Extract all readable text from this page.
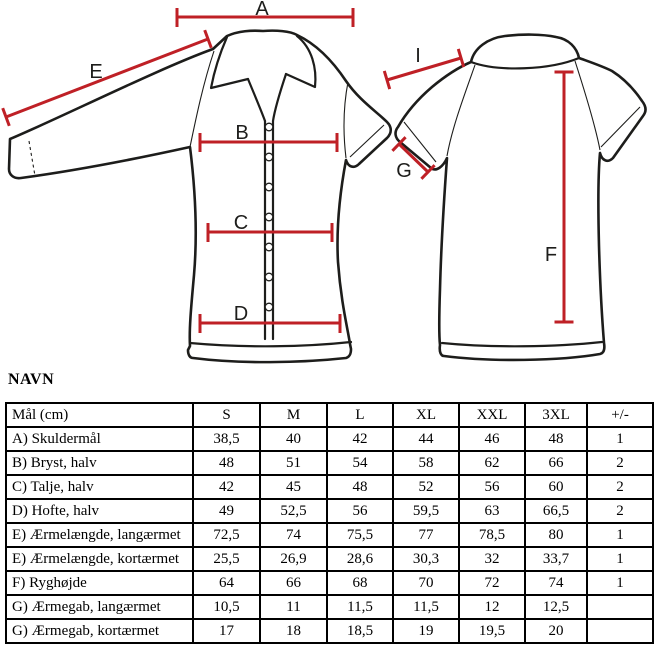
A
B
C
D
E
I
G
F
NAVN
Mål (cm)	S	M	L	XL	XXL	3XL	+/-
A) Skuldermål	38,5	40	42	44	46	48	1
B) Bryst, halv	48	51	54	58	62	66	2
C) Talje, halv	42	45	48	52	56	60	2
D) Hofte, halv	49	52,5	56	59,5	63	66,5	2
E) Ærmelængde, langærmet	72,5	74	75,5	77	78,5	80	1
E) Ærmelængde, kortærmet	25,5	26,9	28,6	30,3	32	33,7	1
F) Ryghøjde	64	66	68	70	72	74	1
G) Ærmegab, langærmet	10,5	11	11,5	11,5	12	12,5	
G) Ærmegab, kortærmet	17	18	18,5	19	19,5	20	
